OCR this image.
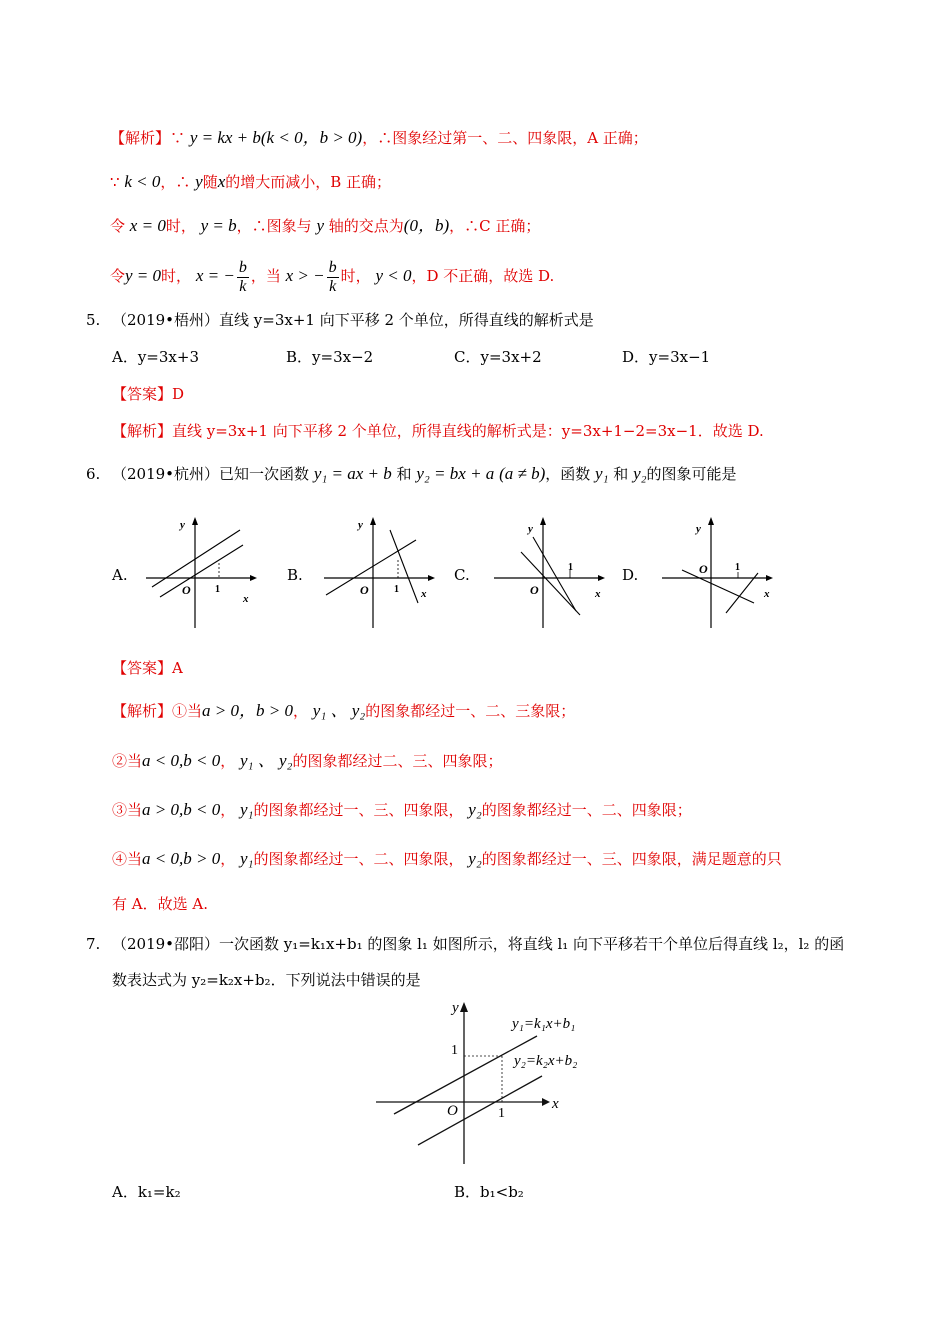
【解析】∵ y = kx + b(k < 0，b > 0)，∴图象经过第一、二、四象限，A 正确；
∵ k < 0，∴ y随x的增大而减小，B 正确；
令 x = 0时， y = b，∴图象与 y 轴的交点为(0，b)，∴C 正确；
令y = 0时， x = − $\frac{b}{k}$ ，当 x > − $\frac{b}{k}$ 时， y < 0，D 不正确，故选 D.
5. （2019•梧州）直线 y=3x+1 向下平移 2 个单位，所得直线的解析式是
A．y=3x+3	B．y=3x−2	C．y=3x+2	D．y=3x−1
【答案】D
【解析】直线 y=3x+1 向下平移 2 个单位，所得直线的解析式是：y=3x+1−2=3x−1．故选 D.
6. （2019•杭州）已知一次函数 y₁ = ax + b 和 y₂ = bx + a (a ≠ b)，函数 y₁ 和 y₂的图象可能是
A.	B.	C.	D.
y
x
O 1
y
x
O	1
y
x
O
1
y
x
O	1
【答案】A
【解析】①当a > 0，b > 0， y₁ 、 y₂的图象都经过一、二、三象限；
②当a < 0,b < 0， y₁ 、 y₂的图象都经过二、三、四象限；
③当a > 0,b < 0， y₁的图象都经过一、三、四象限， y₂的图象都经过一、二、四象限；
④当a < 0,b > 0， y₁的图象都经过一、二、四象限， y₂的图象都经过一、三、四象限，满足题意的只
有 A．故选 A.
7. （2019•邵阳）一次函数 y₁=k₁x+b₁ 的图象 l₁ 如图所示，将直线 l₁ 向下平移若干个单位后得直线 l₂，l₂ 的函
数表达式为 y₂=k₂x+b₂．下列说法中错误的是
y
x
O
1
1
y₁=k₁x+b₁
y₂=k₂x+b₂
A．k₁=k₂	B．b₁<b₂
